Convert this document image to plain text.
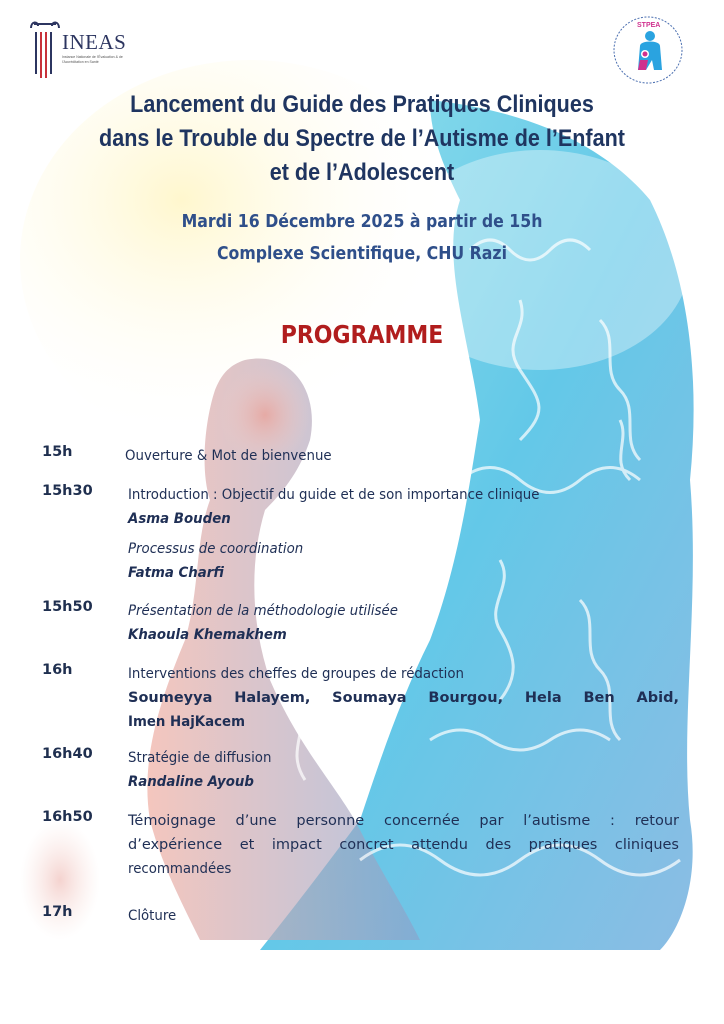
INEAS
Instance Nationale de l'Évaluation & de l'Accréditation en Santé
STPEA
Lancement du Guide des Pratiques Cliniques
dans le Trouble du Spectre de l’Autisme de l’Enfant
et de l’Adolescent
Mardi 16 Décembre 2025 à partir de 15h
Complexe Scientifique, CHU Razi
PROGRAMME
15h	Ouverture & Mot de bienvenue
15h30 Introduction : Objectif du guide et de son importance clinique
Asma Bouden
Processus de coordination
Fatma Charfi
15h50 Présentation de la méthodologie utilisée
Khaoula Khemakhem
16h	Interventions des cheffes de groupes de rédaction
Soumeyya Halayem, Soumaya Bourgou, Hela Ben Abid,
Imen HajKacem
16h40 Stratégie de diffusion
Randaline Ayoub
16h50 Témoignage d’une personne concernée par l’autisme : retour
d’expérience et impact concret attendu des pratiques cliniques
recommandées
17h	Clôture
